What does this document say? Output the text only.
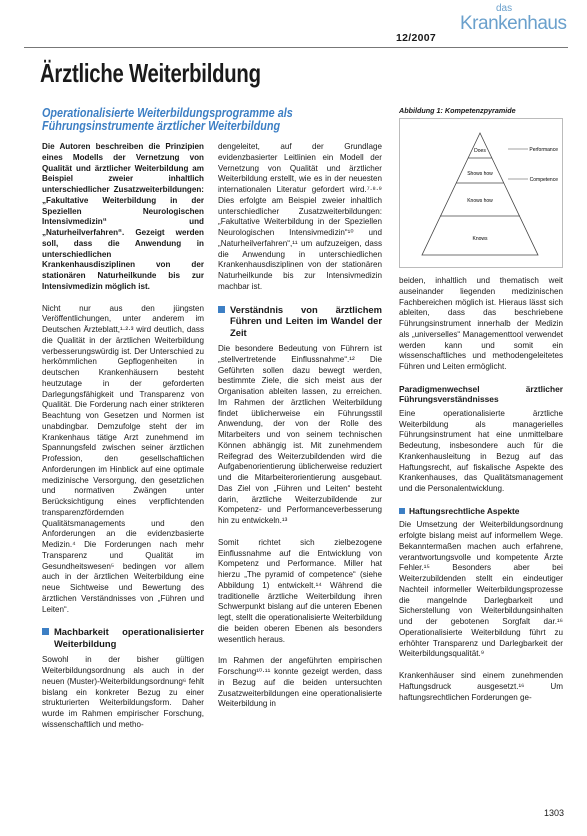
das
Krankenhaus
12/2007
Ärztliche Weiterbildung
Operationalisierte Weiterbildungsprogramme als Führungsinstrumente ärztlicher Weiterbildung

Die Autoren beschreiben die Prinzipien eines Modells der Vernetzung von Qualität und ärztlicher Weiterbildung am Beispiel zweier inhaltlich unterschiedlicher Zusatzweiterbildungen: „Fakultative Weiterbildung in der Speziellen Neurologischen Intensivmedizin“ und „Naturheilverfahren“. Gezeigt werden soll, dass die Anwendung in unterschiedlichen Krankenhausdisziplinen von der stationären Naturheilkunde bis zur Intensivmedizin möglich ist.

Nicht nur aus den jüngsten Veröffentlichungen, unter anderem im Deutschen Ärzteblatt,¹·²·³ wird deutlich, dass die Qualität in der ärztlichen Weiterbildung verbesserungswürdig ist. Der Unterschied zu herkömmlichen Gepflogenheiten in deutschen Krankenhäusern besteht heutzutage in der geforderten Darlegungsfähigkeit und Transparenz von Qualität. Die Forderung nach einer strikteren Beachtung von Gesetzen und Normen ist unabdingbar. Demzufolge steht der im Krankenhaus tätige Arzt zunehmend im Spannungsfeld zwischen seiner ärztlichen Profession, den gesellschaftlichen Anforderungen im Hinblick auf eine optimale medizinische Versorgung, den gesetzlichen und normativen Zwängen unter Berücksichtigung eines verpflichtenden transparenzfördernden Qualitätsmanagements und den Anforderungen an die evidenzbasierte Medizin.⁴ Die Forderungen nach mehr Transparenz und Qualität im Gesundheitswesen⁵ bedingen vor allem auch in der ärztlichen Weiterbildung eine neue Sichtweise und Bewertung des ärztlichen Verständnisses von „Führen und Leiten“.

Machbarkeit operationalisierter Weiterbildung

Sowohl in der bisher gültigen Weiterbildungsordnung als auch in der neuen (Muster)-Weiterbildungsordnung⁶ fehlt bislang ein konkreter Bezug zu einer strukturierten Weiterbildungsform. Daher wurde im Rahmen empirischer Forschung, wissenschaftlich und metho-

dengeleitet, auf der Grundlage evidenzbasierter Leitlinien ein Modell der Vernetzung von Qualität und ärztlicher Weiterbildung erstellt, wie es in der neuesten internationalen Literatur gefordert wird.⁷·⁸·⁹ Dies erfolgte am Beispiel zweier inhaltlich unterschiedlicher Zusatzweiterbildungen: „Fakultative Weiterbildung in der Speziellen Neurologischen Intensivmedizin“¹⁰ und „Naturheilverfahren“,¹¹ um aufzuzeigen, dass die Anwendung in unterschiedlichen Krankenhausdisziplinen von der stationären Naturheilkunde bis zur Intensivmedizin machbar ist.

Verständnis von ärztlichem Führen und Leiten im Wandel der Zeit

Die besondere Bedeutung von Führern ist „stellvertretende Einflussnahme“.¹² Die Geführten sollen dazu bewegt werden, bestimmte Ziele, die sich meist aus der Organisation ableiten lassen, zu erreichen. Im Rahmen der ärztlichen Weiterbildung findet üblicherweise ein Führungsstil Anwendung, der von der Rolle des Mitarbeiters und von seinem technischen Können abhängig ist. Mit zunehmendem Reifegrad des Weiterzubildenden wird die Aufgabenorientierung üblicherweise reduziert und die Mitarbeiterorientierung ausgebaut. Das Ziel von „Führen und Leiten“ besteht darin, ärztliche Weiterzubildende zur Kompetenz- und Performanceverbesserung hin zu entwickeln.¹³

Somit richtet sich zielbezogene Einflussnahme auf die Entwicklung von Kompetenz und Performance. Miller hat hierzu „The pyramid of competence“ (siehe Abbildung 1) entwickelt.¹⁴ Während die traditionelle ärztliche Weiterbildung ihren Schwerpunkt bislang auf die unteren Ebenen legt, stellt die operationalisierte Weiterbildung die beiden oberen Ebenen als besonders wesentlich heraus.

Im Rahmen der angeführten empirischen Forschung¹⁰·¹¹ konnte gezeigt werden, dass in Bezug auf die beiden untersuchten Zusatzweiterbildungen eine operationalisierte Weiterbildung in

Abbildung 1: Kompetenzpyramide
Does
Shows how
Knows how
Knows
Performance
Competence

beiden, inhaltlich und thematisch weit auseinander liegenden medizinischen Fachbereichen möglich ist. Hieraus lässt sich ableiten, dass das beschriebene Führungsinstrument innerhalb der Medizin als „universelles“ Managementtool verwendet werden kann und somit ein wissenschaftliches und methodengeleitetes Führen und Leiten ermöglicht.

Paradigmenwechsel ärztlicher Führungsverständnisses

Eine operationalisierte ärztliche Weiterbildung als managerielles Führungsinstrument hat eine unmittelbare Bedeutung, insbesondere auch für die Krankenhausleitung in Bezug auf das Haftungsrecht, auf fiskalische Aspekte des Krankenhauses, das Qualitätsmanagement und die Personalentwicklung.

Haftungsrechtliche Aspekte

Die Umsetzung der Weiterbildungsordnung erfolgte bislang meist auf informellem Wege. Bekanntermaßen machen auch erfahrene, verantwortungsvolle und kompetente Ärzte Fehler.¹⁵ Besonders aber bei Weiterzubildenden stellt ein eindeutiger Nachteil informeller Weiterbildungsprozesse die mangelnde Darlegbarkeit und Sicherstellung von Weiterbildungsinhalten und der gebotenen Sorgfalt dar.¹⁶ Operationalisierte Weiterbildung führt zu erhöhter Transparenz und Darlegbarkeit der Weiterbildungsqualität.⁹

Krankenhäuser sind einem zunehmenden Haftungsdruck ausgesetzt.¹⁶ Um haftungsrechtlichen Forderungen ge-

1303
